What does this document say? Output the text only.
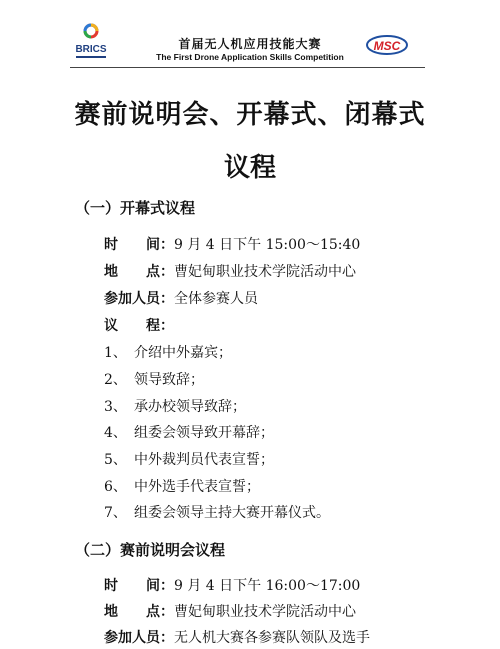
BRICS	首届无人机应用技能大赛
The First Drone Application Skills Competition
MSC
赛前说明会、开幕式、闭幕式
议程
（一）开幕式议程
时　　间：9 月 4 日下午 15:00～15:40
地　　点：曹妃甸职业技术学院活动中心
参加人员：全体参赛人员
议　　程：
1、 介绍中外嘉宾；
2、 领导致辞；
3、 承办校领导致辞；
4、 组委会领导致开幕辞；
5、 中外裁判员代表宣誓；
6、 中外选手代表宣誓；
7、 组委会领导主持大赛开幕仪式。
（二）赛前说明会议程
时　　间：9 月 4 日下午 16:00～17:00
地　　点：曹妃甸职业技术学院活动中心
参加人员：无人机大赛各参赛队领队及选手
